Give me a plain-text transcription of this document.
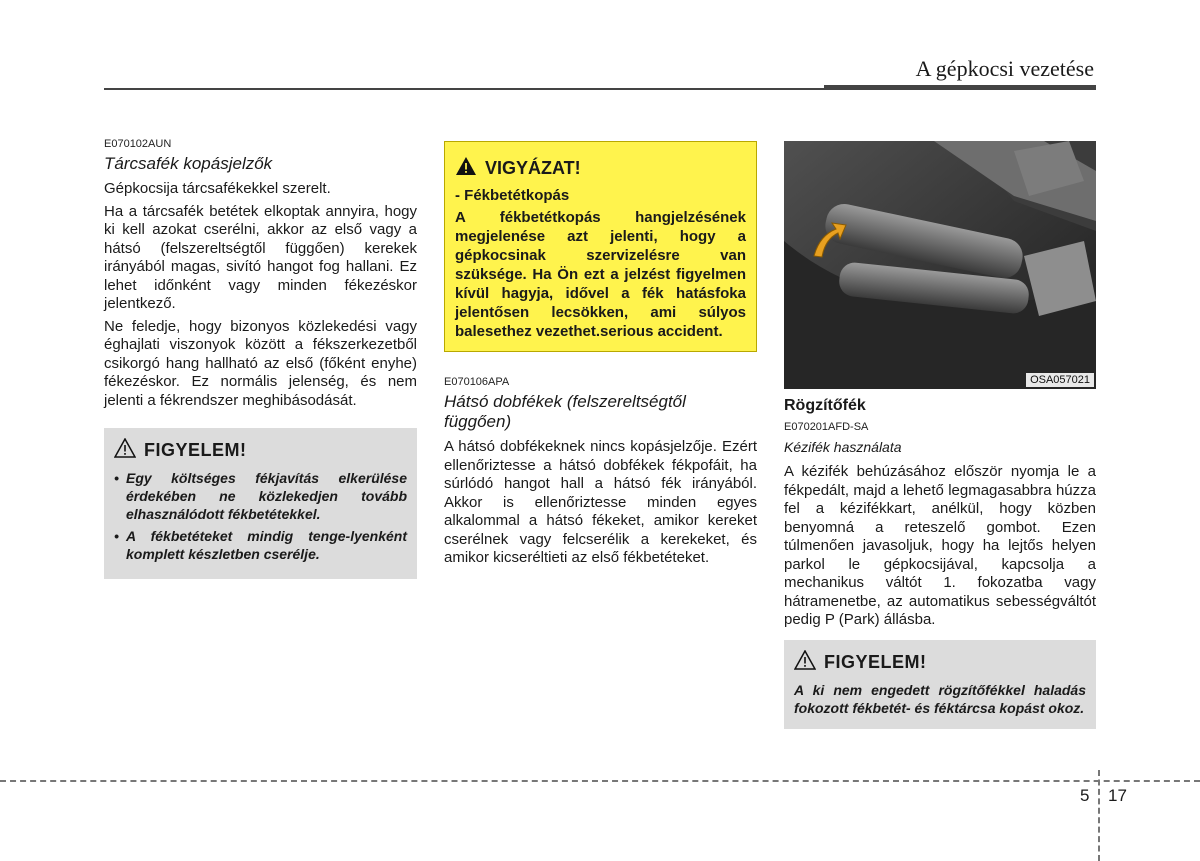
A gépkocsi vezetése
E070102AUN
Tárcsafék kopásjelzők

Gépkocsija tárcsafékekkel szerelt.

Ha a tárcsafék betétek elkoptak annyira, hogy ki kell azokat cserélni, akkor az első vagy a hátsó (felszereltségtől függően) kerekek irányából magas, sivító hangot fog hallani. Ez lehet időnként vagy minden fékezéskor jelentkező.

Ne feledje, hogy bizonyos közlekedési vagy éghajlati viszonyok között a fékszerkezetből csikorgó hang hallható az első (főként enyhe) fékezéskor. Ez normális jelenség, és nem jelenti a fékrendszer meghibásodását.

FIGYELEM!
• Egy költséges fékjavítás elkerülése érdekében ne közlekedjen tovább elhasználódott fékbetétekkel.
• A fékbetéteket mindig tenge-lyenként komplett készletben cserélje.
VIGYÁZAT!
- Fékbetétkopás
A fékbetétkopás hangjelzésének megjelenése azt jelenti, hogy a gépkocsinak szervizelésre van szüksége. Ha Ön ezt a jelzést figyelmen kívül hagyja, idővel a fék hatásfoka jelentősen lecsökken, ami súlyos balesethez vezethet.serious accident.
E070106APA
Hátsó dobfékek (felszereltségtől függően)

A hátsó dobfékeknek nincs kopásjelzője. Ezért ellenőriztesse a hátsó dobfékek fékpofáit, ha súrlódó hangot hall a hátsó fék irányából. Akkor is ellenőriztesse minden egyes alkalommal a hátsó fékeket, amikor kereket cserélnek vagy felcserélik a kerekeket, és amikor kicseréltieti az első fékbetéteket.

OSA057021
Rögzítőfék
E070201AFD-SA
Kézifék használata

A kézifék behúzásához először nyomja le a fékpedált, majd a lehető legmagasabbra húzza fel a kézifékkart, anélkül, hogy közben benyomná a reteszelő gombot. Ezen túlmenően javasoljuk, hogy ha lejtős helyen parkol le gépkocsijával, kapcsolja a mechanikus váltót 1. fokozatba vagy hátramenetbe, az automatikus sebességváltót pedig P (Park) állásba.

FIGYELEM!
A ki nem engedett rögzítőfékkel haladás fokozott fékbetét- és féktárcsa kopást okoz.
5 17
